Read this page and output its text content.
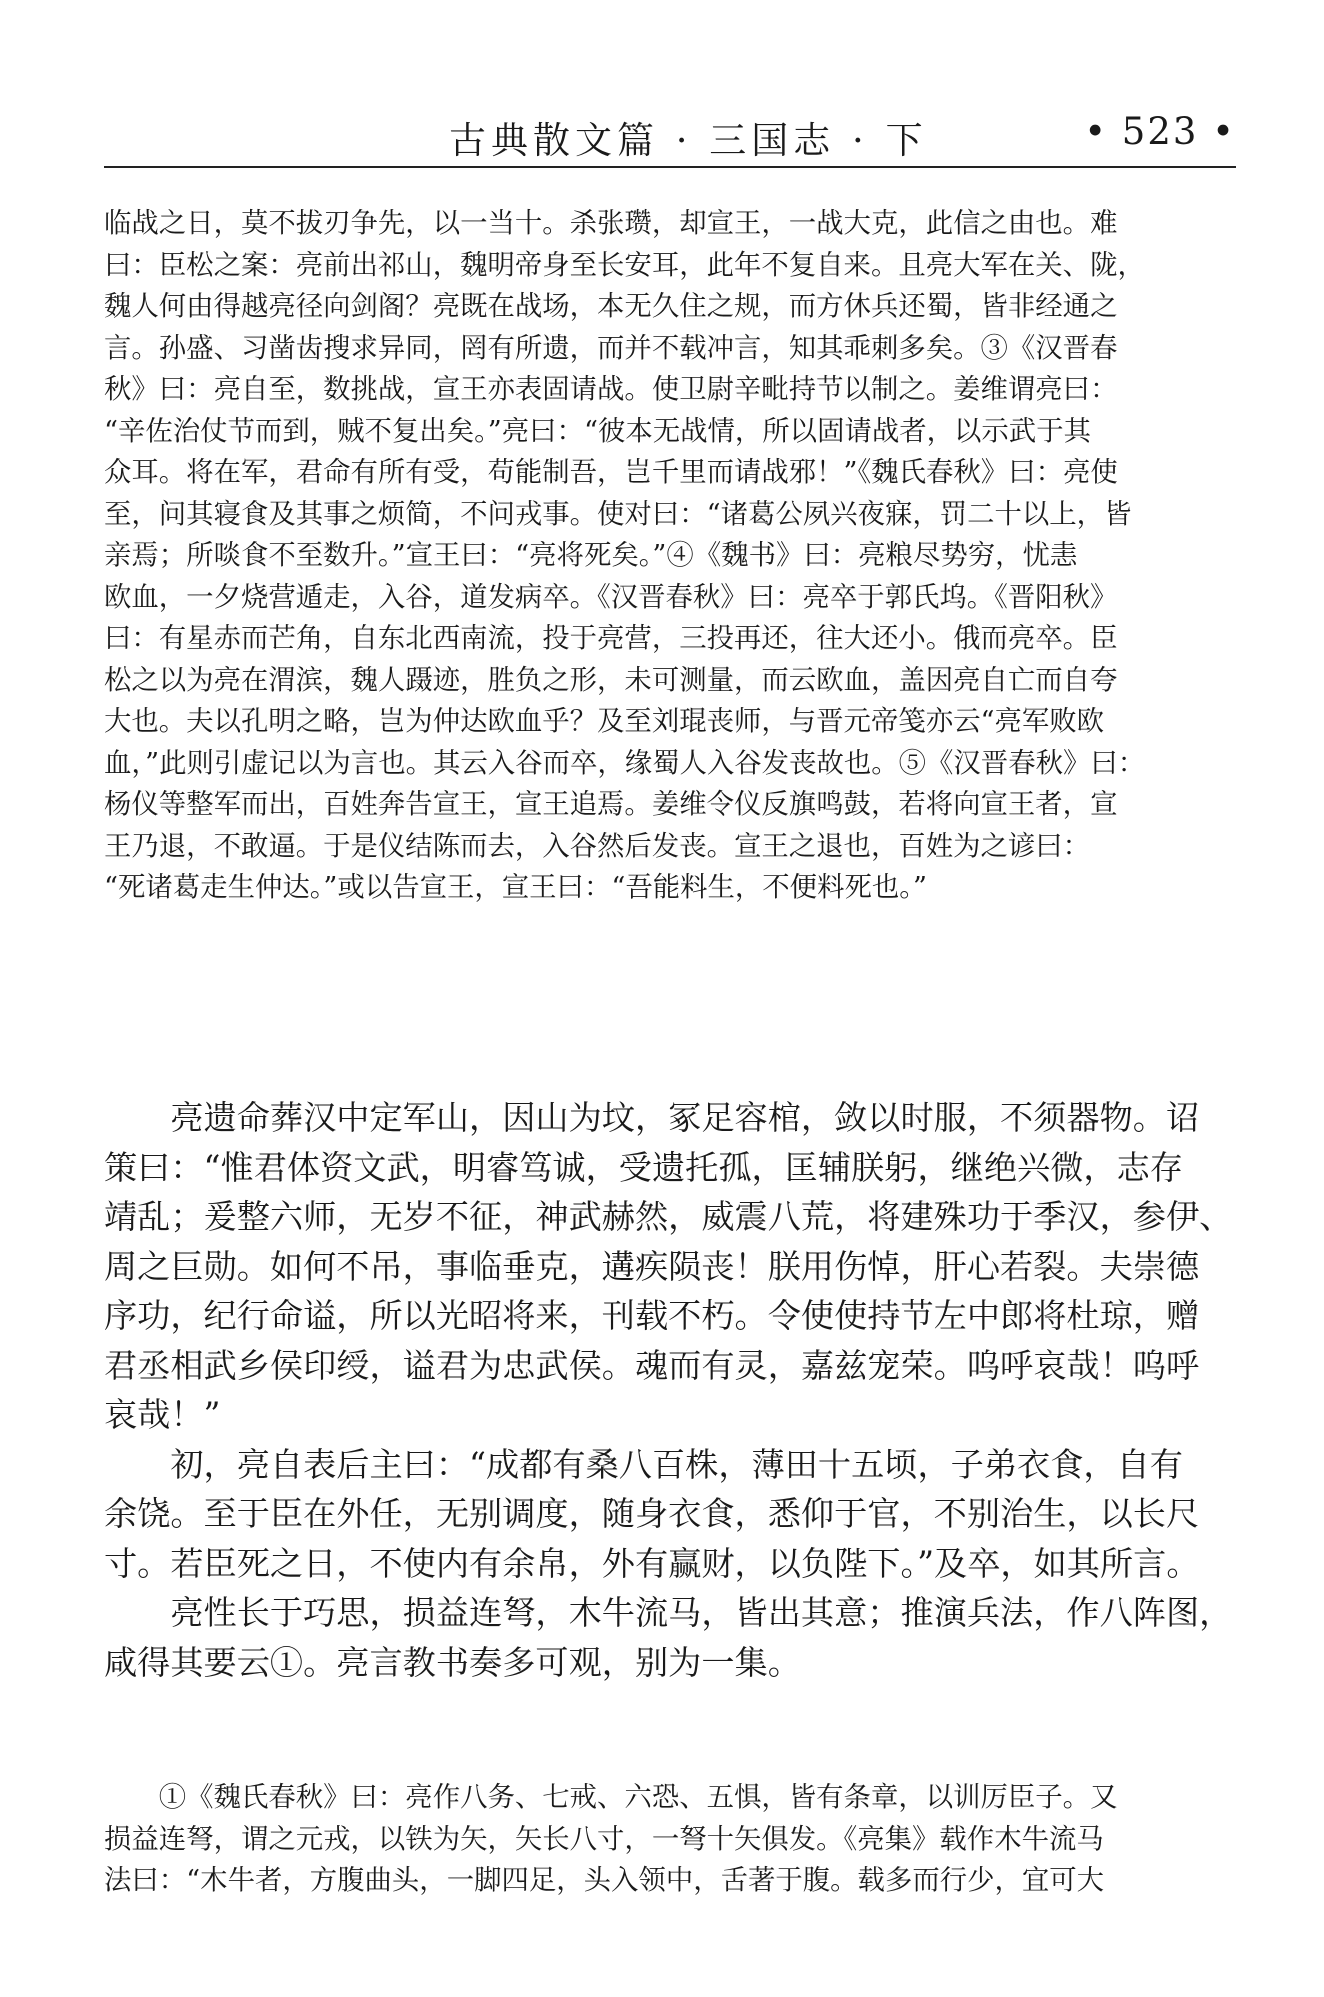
古典散文篇 · 三国志 · 下	• 523 •
临战之日，莫不拔刃争先，以一当十。杀张瓒，却宣王，一战大克，此信之由也。难
曰：臣松之案：亮前出祁山，魏明帝身至长安耳，此年不复自来。且亮大军在关、陇，
魏人何由得越亮径向剑阁？亮既在战场，本无久住之规，而方休兵还蜀，皆非经通之
言。孙盛、习凿齿搜求异同，罔有所遗，而并不载冲言，知其乖刺多矣。③《汉晋春
秋》曰：亮自至，数挑战，宣王亦表固请战。使卫尉辛毗持节以制之。姜维谓亮曰：
“辛佐治仗节而到，贼不复出矣。”亮曰：“彼本无战情，所以固请战者，以示武于其
众耳。将在军，君命有所有受，苟能制吾，岂千里而请战邪！”《魏氏春秋》曰：亮使
至，问其寝食及其事之烦简，不问戎事。使对曰：“诸葛公夙兴夜寐，罚二十以上，皆
亲焉；所啖食不至数升。”宣王曰：“亮将死矣。”④《魏书》曰：亮粮尽势穷，忧恚
欧血，一夕烧营遁走，入谷，道发病卒。《汉晋春秋》曰：亮卒于郭氏坞。《晋阳秋》
曰：有星赤而芒角，自东北西南流，投于亮营，三投再还，往大还小。俄而亮卒。臣
松之以为亮在渭滨，魏人蹑迹，胜负之形，未可测量，而云欧血，盖因亮自亡而自夸
大也。夫以孔明之略，岂为仲达欧血乎？及至刘琨丧师，与晋元帝笺亦云“亮军败欧
血，”此则引虚记以为言也。其云入谷而卒，缘蜀人入谷发丧故也。⑤《汉晋春秋》曰：
杨仪等整军而出，百姓奔告宣王，宣王追焉。姜维令仪反旗鸣鼓，若将向宣王者，宣
王乃退，不敢逼。于是仪结陈而去，入谷然后发丧。宣王之退也，百姓为之谚曰：
“死诸葛走生仲达。”或以告宣王，宣王曰：“吾能料生，不便料死也。”
　　亮遗命葬汉中定军山，因山为坟，冢足容棺，敛以时服，不须器物。诏
策曰：“惟君体资文武，明睿笃诚，受遗托孤，匡辅朕躬，继绝兴微，志存
靖乱；爰整六师，无岁不征，神武赫然，威震八荒，将建殊功于季汉，参伊、
周之巨勋。如何不吊，事临垂克，遘疾陨丧！朕用伤悼，肝心若裂。夫崇德
序功，纪行命谥，所以光昭将来，刊载不朽。令使使持节左中郎将杜琼，赠
君丞相武乡侯印绶，谥君为忠武侯。魂而有灵，嘉兹宠荣。呜呼哀哉！呜呼
哀哉！”
　　初，亮自表后主曰：“成都有桑八百株，薄田十五顷，子弟衣食，自有
余饶。至于臣在外任，无别调度，随身衣食，悉仰于官，不别治生，以长尺
寸。若臣死之日，不使内有余帛，外有赢财，以负陛下。”及卒，如其所言。
　　亮性长于巧思，损益连弩，木牛流马，皆出其意；推演兵法，作八阵图，
咸得其要云①。亮言教书奏多可观，别为一集。
　　①《魏氏春秋》曰：亮作八务、七戒、六恐、五惧，皆有条章，以训厉臣子。又
损益连弩，谓之元戎，以铁为矢，矢长八寸，一弩十矢俱发。《亮集》载作木牛流马
法曰：“木牛者，方腹曲头，一脚四足，头入领中，舌著于腹。载多而行少，宜可大
